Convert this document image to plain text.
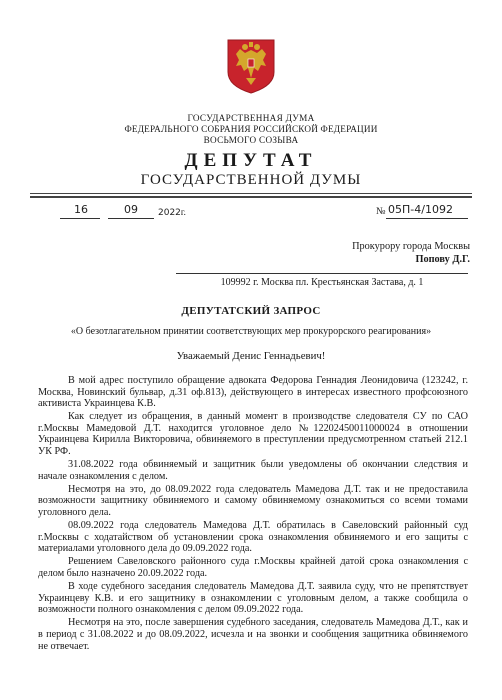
ГОСУДАРСТВЕННАЯ ДУМА
ФЕДЕРАЛЬНОГО СОБРАНИЯ РОССИЙСКОЙ ФЕДЕРАЦИИ
ВОСЬМОГО СОЗЫВА
ДЕПУТАТ
ГОСУДАРСТВЕННОЙ ДУМЫ
16	09 2022г.	№ 05П-4/1092
Прокурору города Москвы
Попову Д.Г.
109992 г. Москва пл. Крестьянская Застава, д. 1
ДЕПУТАТСКИЙ ЗАПРОС
«О безотлагательном принятии соответствующих мер прокурорского реагирования»
Уважаемый Денис Геннадьевич!

В мой адрес поступило обращение адвоката Федорова Геннадия Леонидовича (123242, г. Москва, Новинский бульвар, д.31 оф.813), действующего в интересах известного профсоюзного активиста Украинцева К.В.

Как следует из обращения, в данный момент в производстве следователя СУ по САО г.Москвы Мамедовой Д.Т. находится уголовное дело №12202450011000024 в отношении Украинцева Кирилла Викторовича, обвиняемого в преступлении предусмотренном статьей 212.1 УК РФ.

31.08.2022 года обвиняемый и защитник были уведомлены об окончании следствия и начале ознакомления с делом.

Несмотря на это, до 08.09.2022 года следователь Мамедова Д.Т. так и не предоставила возможности защитнику обвиняемого и самому обвиняемому ознакомиться со всеми томами уголовного дела.

08.09.2022 года следователь Мамедова Д.Т. обратилась в Савеловский районный суд г.Москвы с ходатайством об установлении срока ознакомления обвиняемого и его защиты с материалами уголовного дела до 09.09.2022 года.

Решением Савеловского районного суда г.Москвы крайней датой срока ознакомления с делом было назначено 20.09.2022 года.

В ходе судебного заседания следователь Мамедова Д.Т. заявила суду, что не препятствует Украинцеву К.В. и его защитнику в ознакомлении с уголовным делом, а также сообщила о возможности полного ознакомления с делом 09.09.2022 года.

Несмотря на это, после завершения судебного заседания, следователь Мамедова Д.Т., как и в период с 31.08.2022 и до 08.09.2022, исчезла и на звонки и сообщения защитника обвиняемого не отвечает.
